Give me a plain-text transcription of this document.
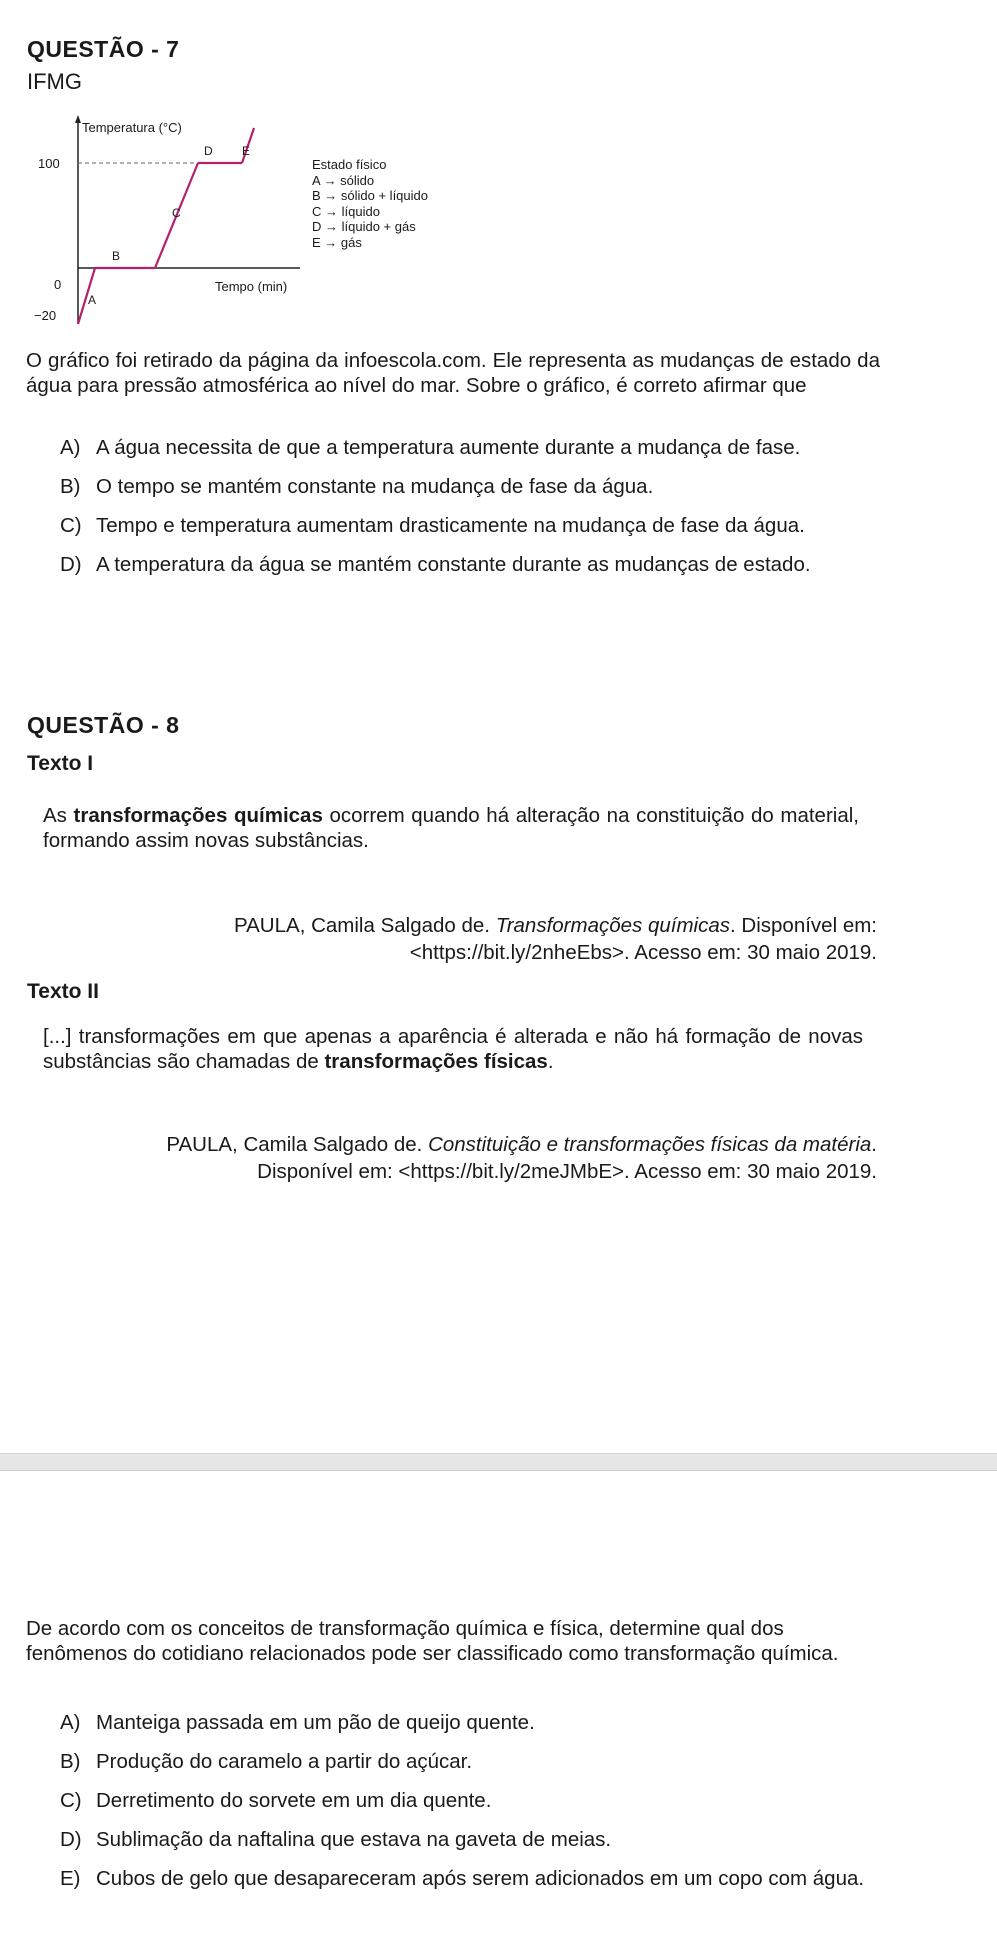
QUESTÃO - 7
IFMG
Temperatura (°C)
100
0
−20
Tempo (min)
A
B
C
D E
Estado físico
A → sólido
B → sólido + líquido
C → líquido
D → líquido + gás
E → gás
O gráfico foi retirado da página da infoescola.com. Ele representa as mudanças de estado da água para pressão atmosférica ao nível do mar. Sobre o gráfico, é correto afirmar que
A) A água necessita de que a temperatura aumente durante a mudança de fase.
B) O tempo se mantém constante na mudança de fase da água.
C) Tempo e temperatura aumentam drasticamente na mudança de fase da água.
D) A temperatura da água se mantém constante durante as mudanças de estado.
QUESTÃO - 8
Texto I
As transformações químicas ocorrem quando há alteração na constituição do material, formando assim novas substâncias.
PAULA, Camila Salgado de. Transformações químicas. Disponível em:
<https://bit.ly/2nheEbs>. Acesso em: 30 maio 2019.
Texto II
[...] transformações em que apenas a aparência é alterada e não há formação de novas substâncias são chamadas de transformações físicas.
PAULA, Camila Salgado de. Constituição e transformações físicas da matéria.
Disponível em: <https://bit.ly/2meJMbE>. Acesso em: 30 maio 2019.
De acordo com os conceitos de transformação química e física, determine qual dos fenômenos do cotidiano relacionados pode ser classificado como transformação química.
A) Manteiga passada em um pão de queijo quente.
B) Produção do caramelo a partir do açúcar.
C) Derretimento do sorvete em um dia quente.
D) Sublimação da naftalina que estava na gaveta de meias.
E) Cubos de gelo que desapareceram após serem adicionados em um copo com água.
